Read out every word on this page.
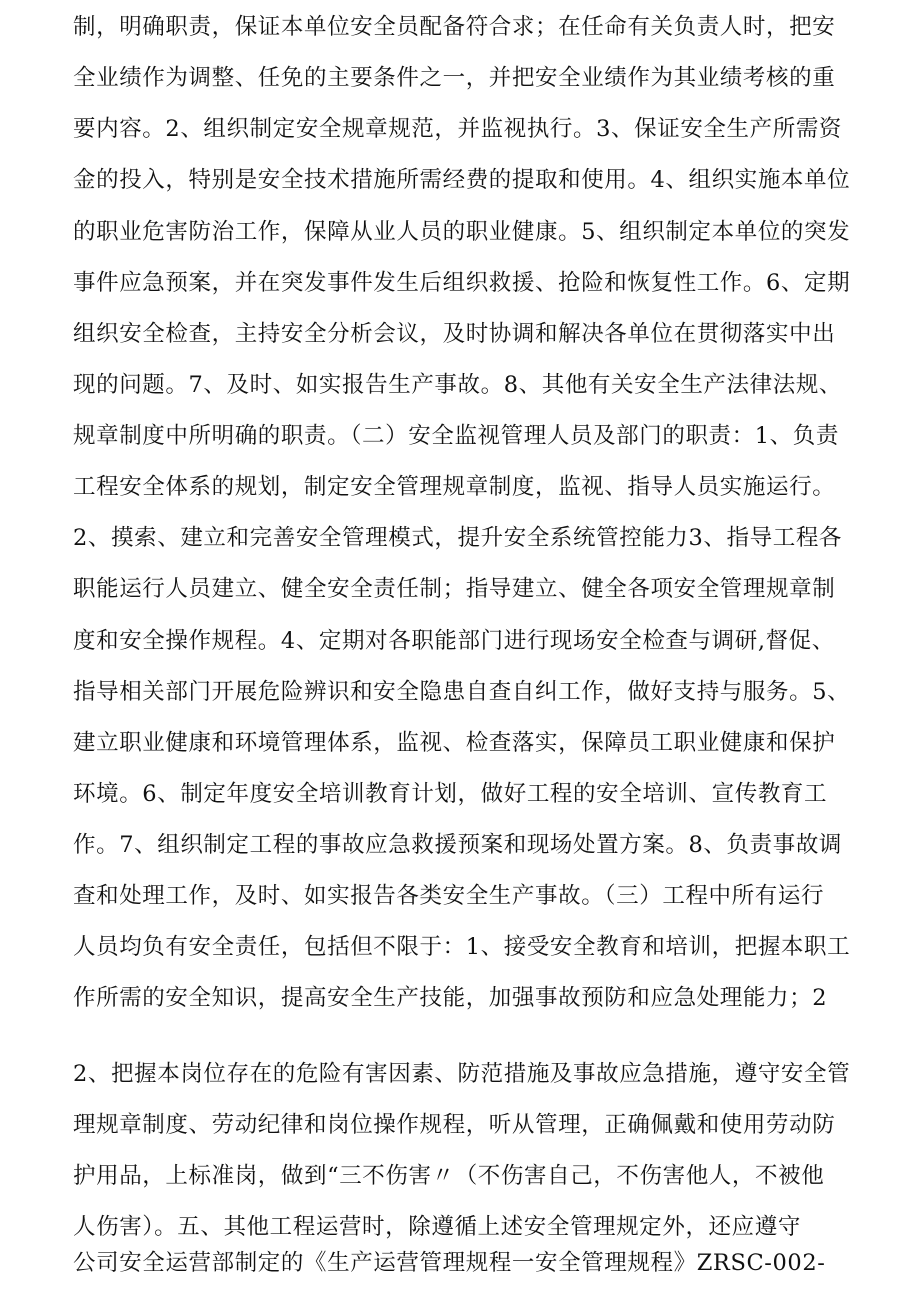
制，明确职责，保证本单位安全员配备符合求；在任命有关负责人时，把安

全业绩作为调整、任免的主要条件之一，并把安全业绩作为其业绩考核的重

要内容。2、组织制定安全规章规范，并监视执行。3、保证安全生产所需资

金的投入，特别是安全技术措施所需经费的提取和使用。4、组织实施本单位

的职业危害防治工作，保障从业人员的职业健康。5、组织制定本单位的突发

事件应急预案，并在突发事件发生后组织救援、抢险和恢复性工作。6、定期

组织安全检查，主持安全分析会议，及时协调和解决各单位在贯彻落实中出

现的问题。7、及时、如实报告生产事故。8、其他有关安全生产法律法规、

规章制度中所明确的职责。（二）安全监视管理人员及部门的职责：1、负责

工程安全体系的规划，制定安全管理规章制度，监视、指导人员实施运行。

2、摸索、建立和完善安全管理模式，提升安全系统管控能力3、指导工程各

职能运行人员建立、健全安全责任制；指导建立、健全各项安全管理规章制

度和安全操作规程。4、定期对各职能部门进行现场安全检查与调研,督促、

指导相关部门开展危险辨识和安全隐患自查自纠工作，做好支持与服务。5、

建立职业健康和环境管理体系，监视、检查落实，保障员工职业健康和保护

环境。6、制定年度安全培训教育计划，做好工程的安全培训、宣传教育工

作。7、组织制定工程的事故应急救援预案和现场处置方案。8、负责事故调

查和处理工作，及时、如实报告各类安全生产事故。（三）工程中所有运行

人员均负有安全责任，包括但不限于：1、接受安全教育和培训，把握本职工

作所需的安全知识，提高安全生产技能，加强事故预防和应急处理能力；2

2、把握本岗位存在的危险有害因素、防范措施及事故应急措施，遵守安全管

理规章制度、劳动纪律和岗位操作规程，听从管理，正确佩戴和使用劳动防

护用品，上标准岗，做到“三不伤害〃（不伤害自己，不伤害他人，不被他

人伤害）。五、其他工程运营时，除遵循上述安全管理规定外，还应遵守

公司安全运营部制定的《生产运营管理规程一安全管理规程》ZRSC-002-
